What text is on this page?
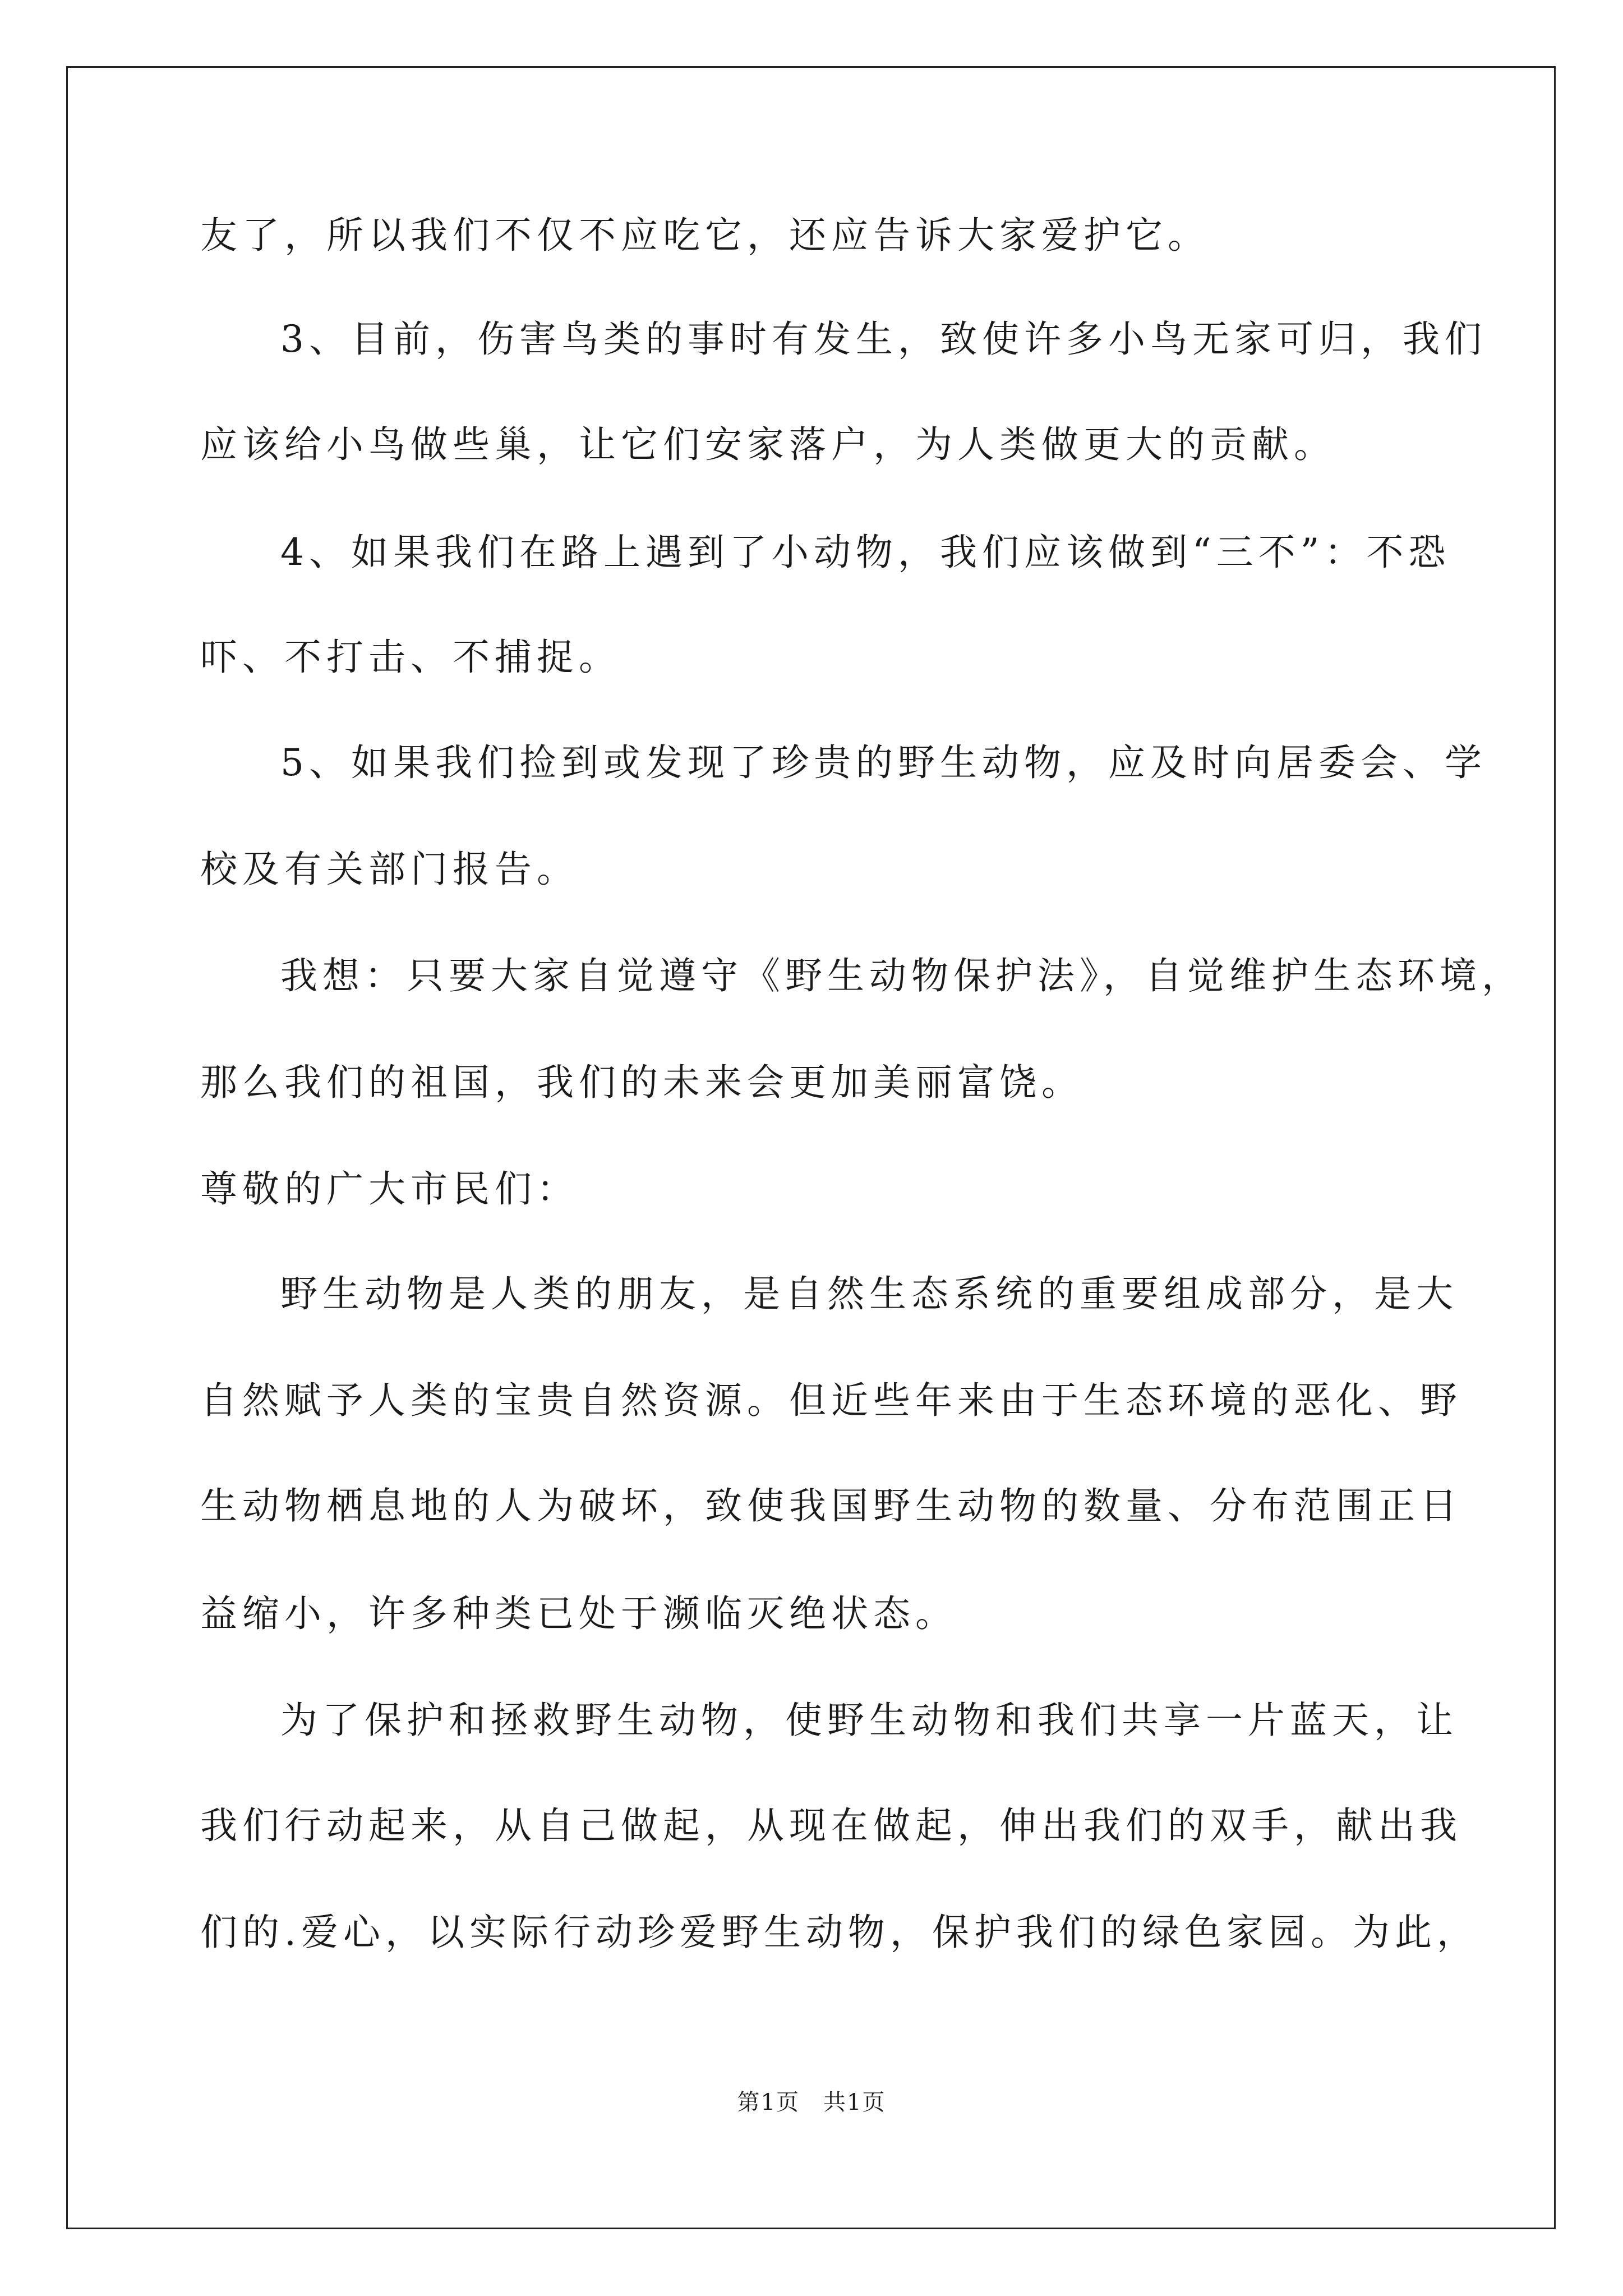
友了，所以我们不仅不应吃它，还应告诉大家爱护它。
3、目前，伤害鸟类的事时有发生，致使许多小鸟无家可归，我们
应该给小鸟做些巢，让它们安家落户，为人类做更大的贡献。
4、如果我们在路上遇到了小动物，我们应该做到“三不”：不恐
吓、不打击、不捕捉。
5、如果我们捡到或发现了珍贵的野生动物，应及时向居委会、学
校及有关部门报告。
我想：只要大家自觉遵守《野生动物保护法》，自觉维护生态环境，
那么我们的祖国，我们的未来会更加美丽富饶。
尊敬的广大市民们：
野生动物是人类的朋友，是自然生态系统的重要组成部分，是大
自然赋予人类的宝贵自然资源。但近些年来由于生态环境的恶化、野
生动物栖息地的人为破坏，致使我国野生动物的数量、分布范围正日
益缩小，许多种类已处于濒临灭绝状态。
为了保护和拯救野生动物，使野生动物和我们共享一片蓝天，让
我们行动起来，从自己做起，从现在做起，伸出我们的双手，献出我
们的.爱心，以实际行动珍爱野生动物，保护我们的绿色家园。为此，
第1页　共1页
